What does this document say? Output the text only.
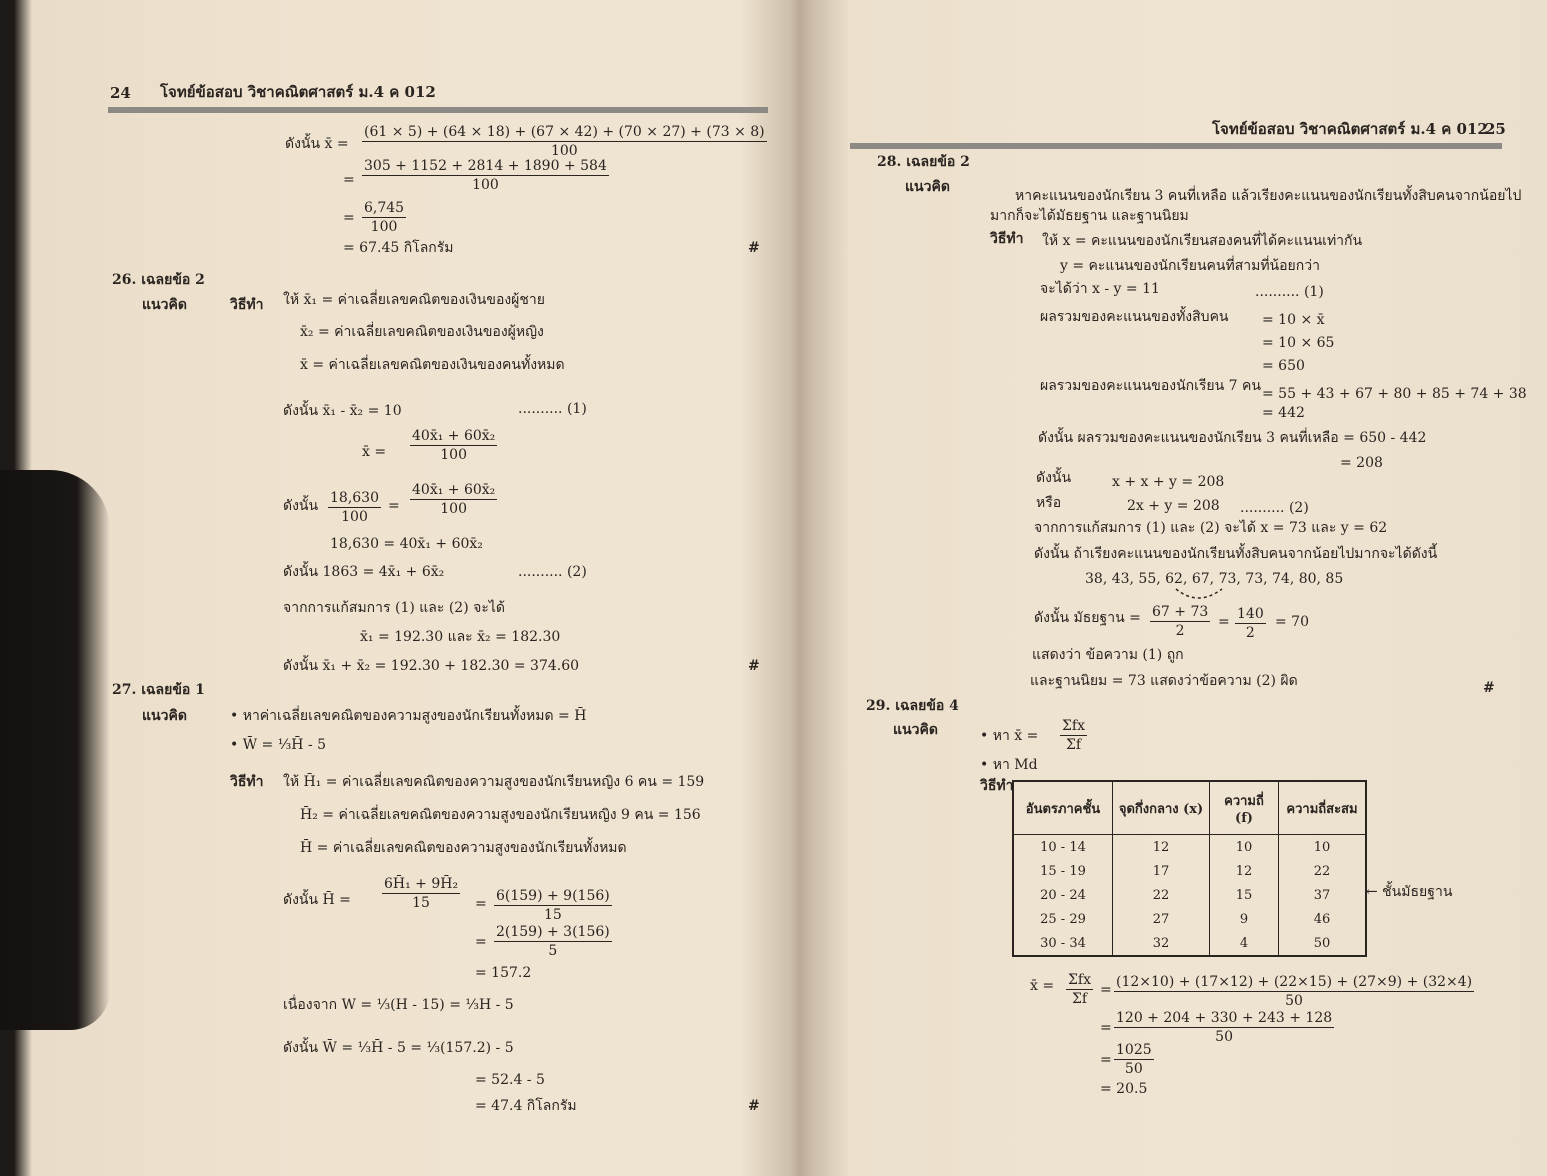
24 โจทย์ข้อสอบ วิชาคณิตศาสตร์ ม.4 ค 012
ดังนั้น x̄ = $\frac{(61 \times 5) + (64 \times 18) + (67 \times 42) + (70 \times 27) + (73 \times 8)}{100}$
= $\frac{305 + 1152 + 2814 + 1890 + 584}{100}$
= $\frac{6,745}{100}$
= 67.45 กิโลกรัม	#
26. เฉลยข้อ 2
แนวคิด	วิธีทำ ให้ x̄₁ = ค่าเฉลี่ยเลขคณิตของเงินของผู้ชาย
x̄₂ = ค่าเฉลี่ยเลขคณิตของเงินของผู้หญิง
x̄ = ค่าเฉลี่ยเลขคณิตของเงินของคนทั้งหมด
ดังนั้น x̄₁ - x̄₂ = 10	.......... (1)
x̄ = $\frac{\text{40x̄₁ + 60x̄₂}}{100}$
ดังนั้น $\frac{18,630}{100} = \frac{\text{40x̄₁ + 60x̄₂}}{100}$
18,630 = 40x̄₁ + 60x̄₂
ดังนั้น 1863 = 4x̄₁ + 6x̄₂	.......... (2)
จากการแก้สมการ (1) และ (2) จะได้
x̄₁ = 192.30 และ x̄₂ = 182.30
ดังนั้น x̄₁ + x̄₂ = 192.30 + 182.30 = 374.60	#
27. เฉลยข้อ 1
แนวคิด	• หาค่าเฉลี่ยเลขคณิตของความสูงของนักเรียนทั้งหมด = H̄
• W̄ = ⅓H̄ - 5
วิธีทำ ให้ H̄₁ = ค่าเฉลี่ยเลขคณิตของความสูงของนักเรียนหญิง 6 คน = 159
H̄₂ = ค่าเฉลี่ยเลขคณิตของความสูงของนักเรียนหญิง 9 คน = 156
H̄ = ค่าเฉลี่ยเลขคณิตของความสูงของนักเรียนทั้งหมด
ดังนั้น H̄ = $\frac{\text{6H̄₁ + 9H̄₂}}{15} = \frac{6(159) + 9(156)}{15}$
= $\frac{2(159) + 3(156)}{5}$
= 157.2
เนื่องจาก W = ⅓(H - 15) = ⅓H - 5
ดังนั้น W̄ = ⅓H̄ - 5 = ⅓(157.2) - 5
= 52.4 - 5
= 47.4 กิโลกรัม	#
โจทย์ข้อสอบ วิชาคณิตศาสตร์ ม.4 ค 012
25
28. เฉลยข้อ 2
แนวคิด
หาคะแนนของนักเรียน 3 คนที่เหลือ แล้วเรียงคะแนนของนักเรียนทั้งสิบคนจากน้อยไป
มากก็จะได้มัธยฐาน และฐานนิยม
วิธีทำ ให้ x = คะแนนของนักเรียนสองคนที่ได้คะแนนเท่ากัน
y = คะแนนของนักเรียนคนที่สามที่น้อยกว่า
จะได้ว่า x - y = 11	.......... (1)
ผลรวมของคะแนนของทั้งสิบคน = 10 × x̄
= 10 × 65
= 650
ผลรวมของคะแนนของนักเรียน 7 คน = 55 + 43 + 67 + 80 + 85 + 74 + 38
= 442
ดังนั้น ผลรวมของคะแนนของนักเรียน 3 คนที่เหลือ = 650 - 442
= 208
ดังนั้น	x + x + y = 208
หรือ	2x + y = 208 .......... (2)
จากการแก้สมการ (1) และ (2) จะได้ x = 73 และ y = 62
ดังนั้น ถ้าเรียงคะแนนของนักเรียนทั้งสิบคนจากน้อยไปมากจะได้ดังนี้
38, 43, 55, 62, 67, 73, 73, 74, 80, 85
ดังนั้น มัธยฐาน = $\frac{67 + 73}{2} = \frac{140}{2} = 70$
แสดงว่า ข้อความ (1) ถูก
และฐานนิยม = 73 แสดงว่าข้อความ (2) ผิด	#
29. เฉลยข้อ 4
แนวคิด	• หา x̄ =
Σfx
Σf
• หา Md
วิธีทำ
อันตรภาคชั้น	จุดกึ่งกลาง (x)	ความถี่ (f)	ความถี่สะสม
10 - 14	12	10	10
15 - 19	17	12	22
20 - 24	22	15	37
25 - 29	27	9	46
30 - 34	32	4	50
← ชั้นมัธยฐาน
x̄ = Σfx
Σf
= $\frac{(12\times 10) + (17\times 12) + (22\times 15) + (27\times 9) + (32\times 4)}{50}$
= $\frac{120 + 204 + 330 + 243 + 128}{50}$
= $\frac{1025}{50}$
= 20.5
